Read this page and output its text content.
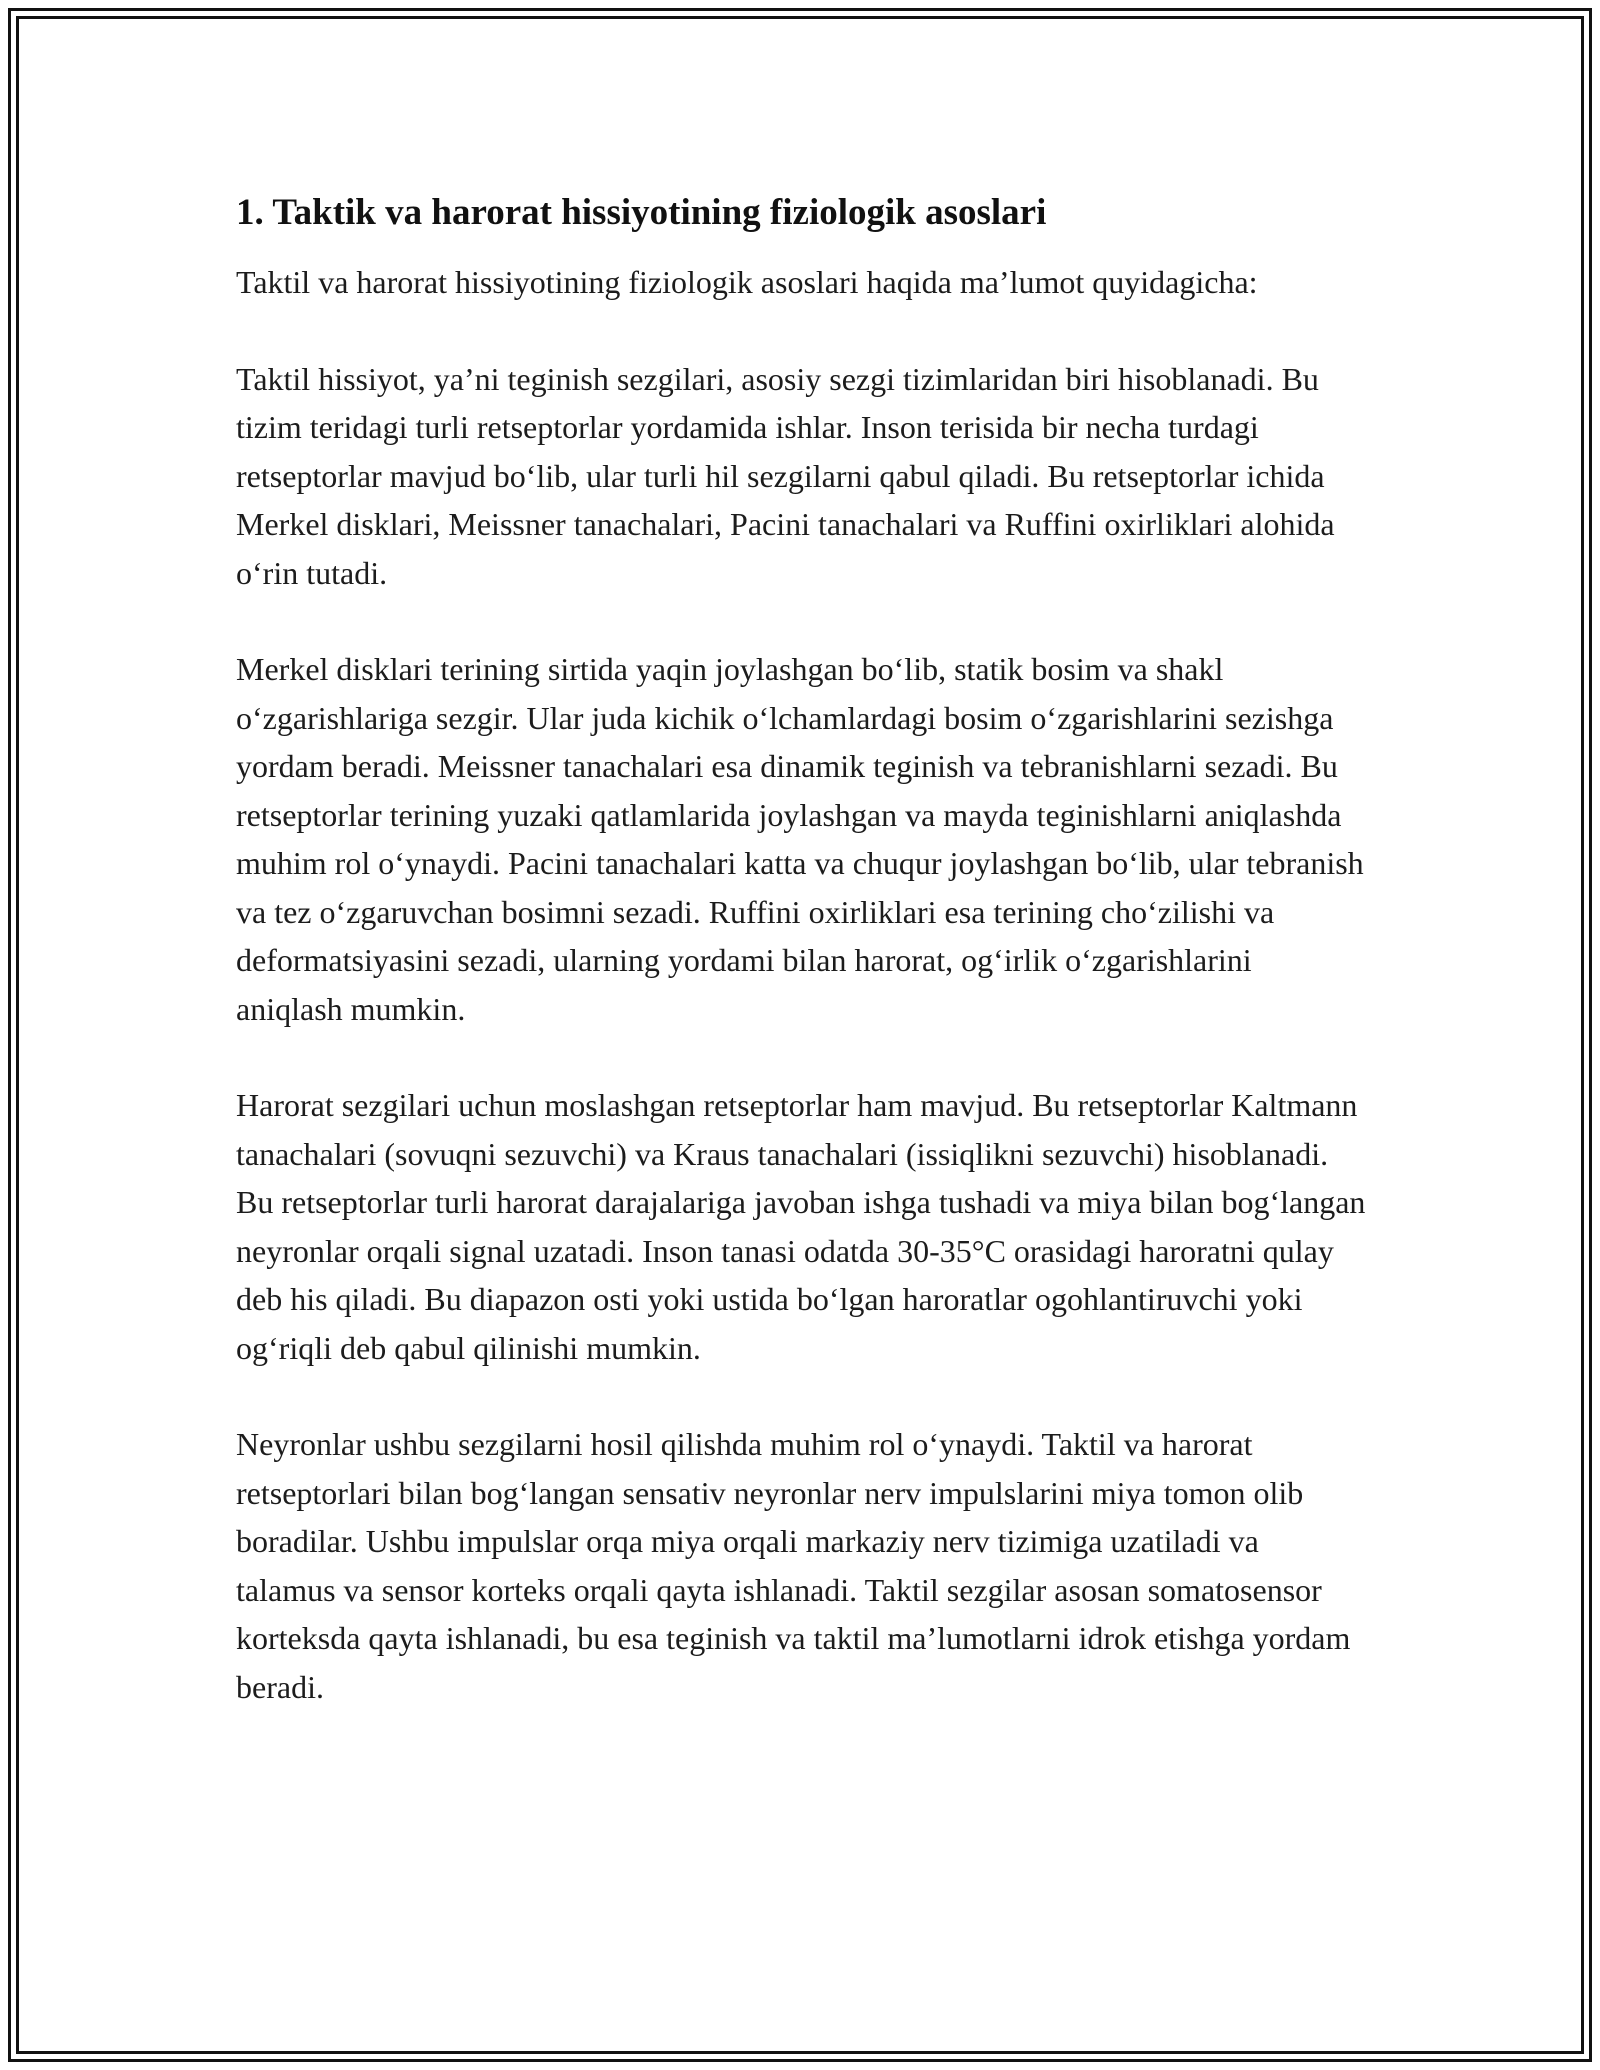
1. Taktik va harorat hissiyotining fiziologik asoslari

Taktil va harorat hissiyotining fiziologik asoslari haqida ma’lumot quyidagicha:

Taktil hissiyot, ya’ni teginish sezgilari, asosiy sezgi tizimlaridan biri hisoblanadi. Bu tizim teridagi turli retseptorlar yordamida ishlar. Inson terisida bir necha turdagi retseptorlar mavjud bo‘lib, ular turli hil sezgilarni qabul qiladi. Bu retseptorlar ichida Merkel disklari, Meissner tanachalari, Pacini tanachalari va Ruffini oxirliklari alohida o‘rin tutadi.

Merkel disklari terining sirtida yaqin joylashgan bo‘lib, statik bosim va shakl o‘zgarishlariga sezgir. Ular juda kichik o‘lchamlardagi bosim o‘zgarishlarini sezishga yordam beradi. Meissner tanachalari esa dinamik teginish va tebranishlarni sezadi. Bu retseptorlar terining yuzaki qatlamlarida joylashgan va mayda teginishlarni aniqlashda muhim rol o‘ynaydi. Pacini tanachalari katta va chuqur joylashgan bo‘lib, ular tebranish va tez o‘zgaruvchan bosimni sezadi. Ruffini oxirliklari esa terining cho‘zilishi va deformatsiyasini sezadi, ularning yordami bilan harorat, og‘irlik o‘zgarishlarini aniqlash mumkin.

Harorat sezgilari uchun moslashgan retseptorlar ham mavjud. Bu retseptorlar Kaltmann tanachalari (sovuqni sezuvchi) va Kraus tanachalari (issiqlikni sezuvchi) hisoblanadi. Bu retseptorlar turli harorat darajalariga javoban ishga tushadi va miya bilan bog‘langan neyronlar orqali signal uzatadi. Inson tanasi odatda 30-35°C orasidagi haroratni qulay deb his qiladi. Bu diapazon osti yoki ustida bo‘lgan haroratlar ogohlantiruvchi yoki og‘riqli deb qabul qilinishi mumkin.

Neyronlar ushbu sezgilarni hosil qilishda muhim rol o‘ynaydi. Taktil va harorat retseptorlari bilan bog‘langan sensativ neyronlar nerv impulslarini miya tomon olib boradilar. Ushbu impulslar orqa miya orqali markaziy nerv tizimiga uzatiladi va talamus va sensor korteks orqali qayta ishlanadi. Taktil sezgilar asosan somatosensor korteksda qayta ishlanadi, bu esa teginish va taktil ma’lumotlarni idrok etishga yordam beradi.
